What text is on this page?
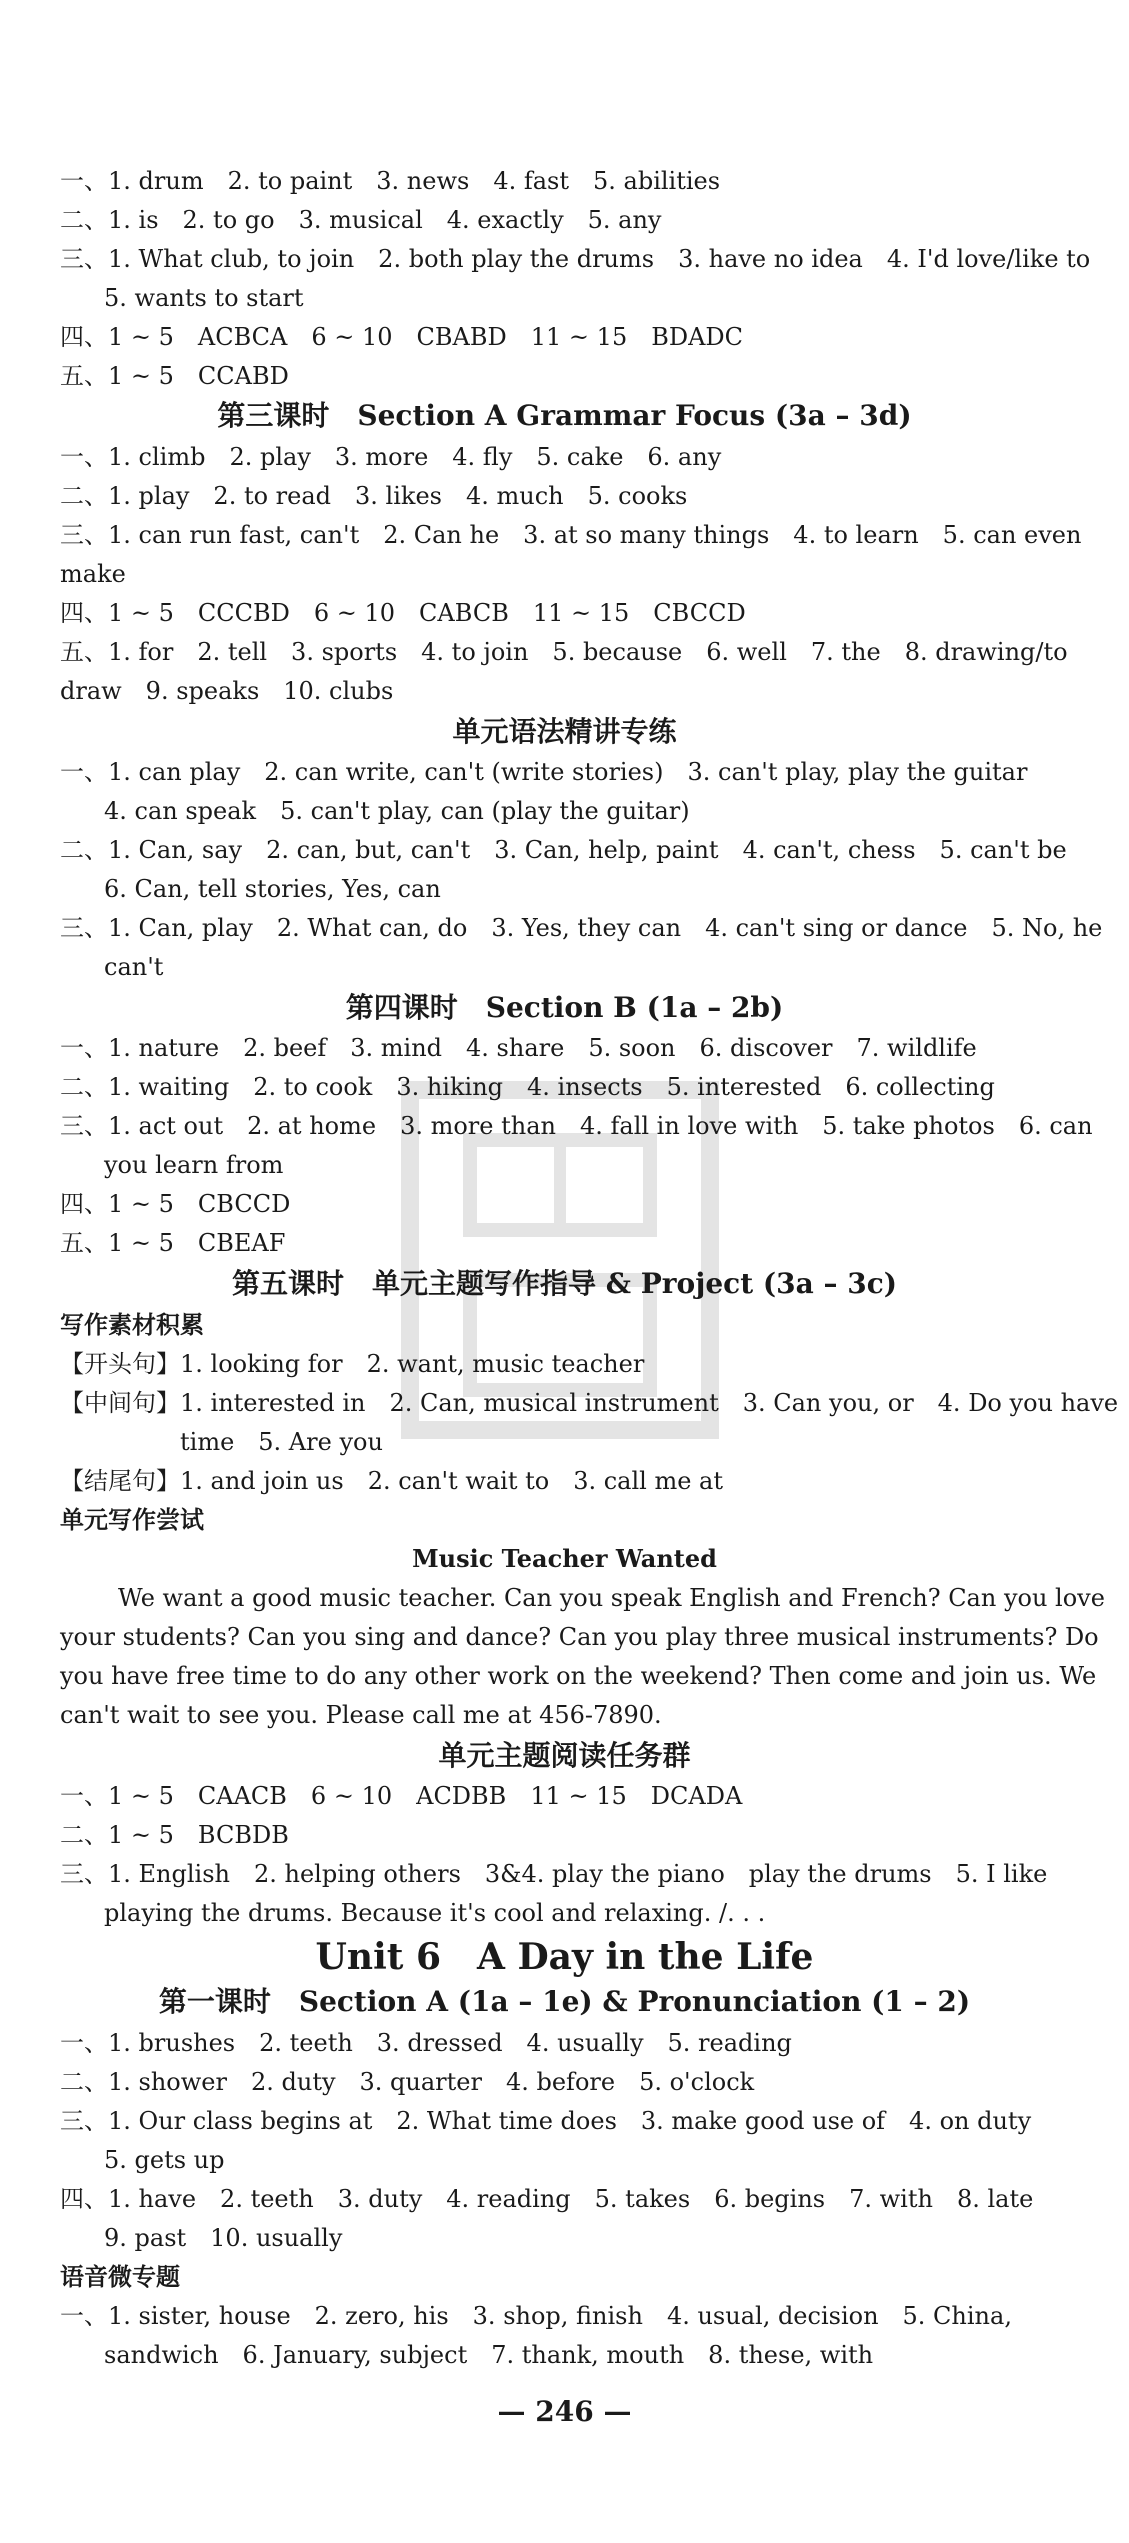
一、1. drum　2. to paint　3. news　4. fast　5. abilities
二、1. is　2. to go　3. musical　4. exactly　5. any
三、1. What club, to join　2. both play the drums　3. have no idea　4. I'd love/like to
5. wants to start
四、1 ~ 5　ACBCA　6 ~ 10　CBABD　11 ~ 15　BDADC
五、1 ~ 5　CCABD
第三课时　Section A Grammar Focus (3a – 3d)
一、1. climb　2. play　3. more　4. fly　5. cake　6. any
二、1. play　2. to read　3. likes　4. much　5. cooks
三、1. can run fast, can't　2. Can he　3. at so many things　4. to learn　5. can even
make
四、1 ~ 5　CCCBD　6 ~ 10　CABCB　11 ~ 15　CBCCD
五、1. for　2. tell　3. sports　4. to join　5. because　6. well　7. the　8. drawing/to
draw　9. speaks　10. clubs
单元语法精讲专练
一、1. can play　2. can write, can't (write stories)　3. can't play, play the guitar
4. can speak　5. can't play, can (play the guitar)
二、1. Can, say　2. can, but, can't　3. Can, help, paint　4. can't, chess　5. can't be
6. Can, tell stories, Yes, can
三、1. Can, play　2. What can, do　3. Yes, they can　4. can't sing or dance　5. No, he
can't
第四课时　Section B (1a – 2b)
一、1. nature　2. beef　3. mind　4. share　5. soon　6. discover　7. wildlife
二、1. waiting　2. to cook　3. hiking　4. insects　5. interested　6. collecting
三、1. act out　2. at home　3. more than　4. fall in love with　5. take photos　6. can
you learn from
四、1 ~ 5　CBCCD
五、1 ~ 5　CBEAF
第五课时　单元主题写作指导 & Project (3a – 3c)
写作素材积累
【开头句】1. looking for　2. want, music teacher
【中间句】1. interested in　2. Can, musical instrument　3. Can you, or　4. Do you have
time　5. Are you
【结尾句】1. and join us　2. can't wait to　3. call me at
单元写作尝试
Music Teacher Wanted
We want a good music teacher. Can you speak English and French? Can you love
your students? Can you sing and dance? Can you play three musical instruments? Do
you have free time to do any other work on the weekend? Then come and join us. We
can't wait to see you. Please call me at 456-7890.
单元主题阅读任务群
一、1 ~ 5　CAACB　6 ~ 10　ACDBB　11 ~ 15　DCADA
二、1 ~ 5　BCBDB
三、1. English　2. helping others　3&4. play the piano　play the drums　5. I like
playing the drums. Because it's cool and relaxing. /. . .
Unit 6　A Day in the Life
第一课时　Section A (1a – 1e) & Pronunciation (1 – 2)
一、1. brushes　2. teeth　3. dressed　4. usually　5. reading
二、1. shower　2. duty　3. quarter　4. before　5. o'clock
三、1. Our class begins at　2. What time does　3. make good use of　4. on duty
5. gets up
四、1. have　2. teeth　3. duty　4. reading　5. takes　6. begins　7. with　8. late
9. past　10. usually
语音微专题
一、1. sister, house　2. zero, his　3. shop, finish　4. usual, decision　5. China,
sandwich　6. January, subject　7. thank, mouth　8. these, with
— 246 —
